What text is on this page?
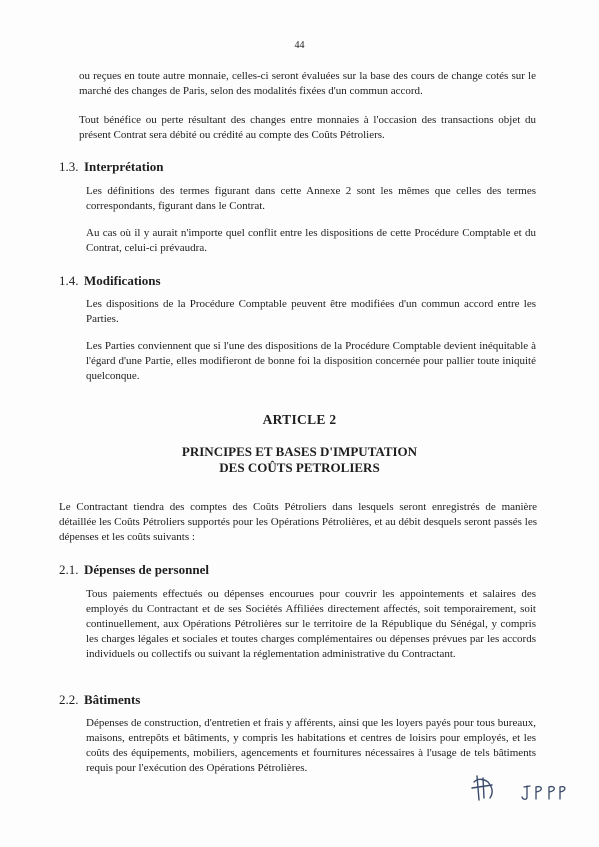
44

ou reçues en toute autre monnaie, celles-ci seront évaluées sur la base des cours de change cotés sur le marché des changes de Paris, selon des modalités fixées d'un commun accord.

Tout bénéfice ou perte résultant des changes entre monnaies à l'occasion des transactions objet du présent Contrat sera débité ou crédité au compte des Coûts Pétroliers.

1.3. Interprétation

Les définitions des termes figurant dans cette Annexe 2 sont les mêmes que celles des termes correspondants, figurant dans le Contrat.

Au cas où il y aurait n'importe quel conflit entre les dispositions de cette Procédure Comptable et du Contrat, celui-ci prévaudra.

1.4. Modifications

Les dispositions de la Procédure Comptable peuvent être modifiées d'un commun accord entre les Parties.

Les Parties conviennent que si l'une des dispositions de la Procédure Comptable devient inéquitable à l'égard d'une Partie, elles modifieront de bonne foi la disposition concernée pour pallier toute iniquité quelconque.

ARTICLE 2
PRINCIPES ET BASES D'IMPUTATION
DES COÛTS PETROLIERS

Le Contractant tiendra des comptes des Coûts Pétroliers dans lesquels seront enregistrés de manière détaillée les Coûts Pétroliers supportés pour les Opérations Pétrolières, et au débit desquels seront passés les dépenses et les coûts suivants :

2.1. Dépenses de personnel

Tous paiements effectués ou dépenses encourues pour couvrir les appointements et salaires des employés du Contractant et de ses Sociétés Affiliées directement affectés, soit temporairement, soit continuellement, aux Opérations Pétrolières sur le territoire de la République du Sénégal, y compris les charges légales et sociales et toutes charges complémentaires ou dépenses prévues par les accords individuels ou collectifs ou suivant la réglementation administrative du Contractant.

2.2. Bâtiments

Dépenses de construction, d'entretien et frais y afférents, ainsi que les loyers payés pour tous bureaux, maisons, entrepôts et bâtiments, y compris les habitations et centres de loisirs pour employés, et les coûts des équipements, mobiliers, agencements et fournitures nécessaires à l'usage de tels bâtiments requis pour l'exécution des Opérations Pétrolières.
